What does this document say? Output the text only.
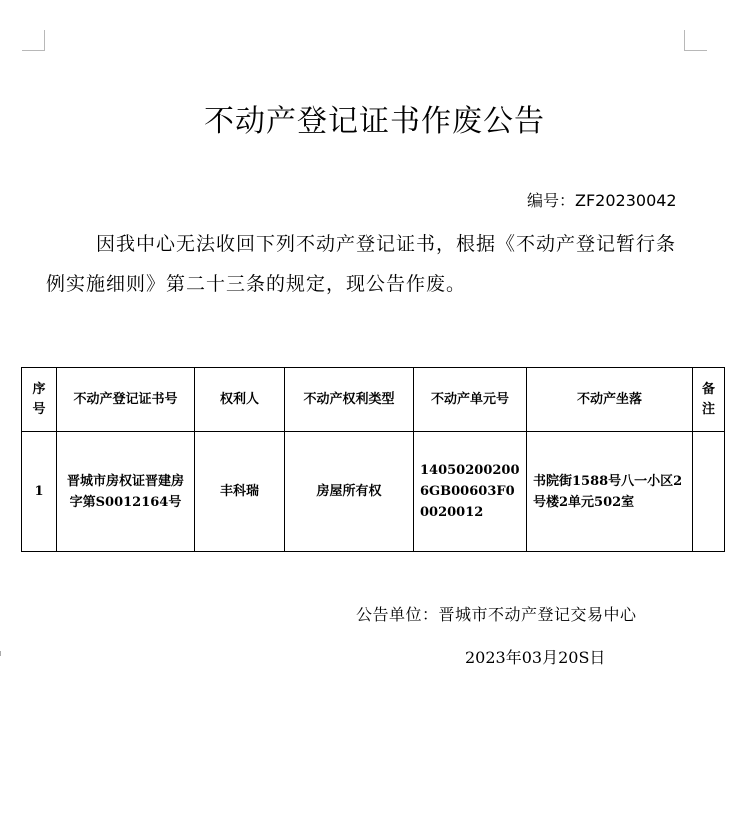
不动产登记证书作废公告
编号：ZF20230042
因我中心无法收回下列不动产登记证书，根据《不动产登记暂行条例实施细则》第二十三条的规定，现公告作废。
序号	不动产登记证书号	权利人	不动产权利类型	不动产单元号	不动产坐落	备注
1	晋城市房权证晋建房字第S0012164号	丰科瑞	房屋所有权	140502002006GB00603F00020012	书院街1588号八一小区2号楼2单元502室	
公告单位：晋城市不动产登记交易中心
2023年03月20S日
